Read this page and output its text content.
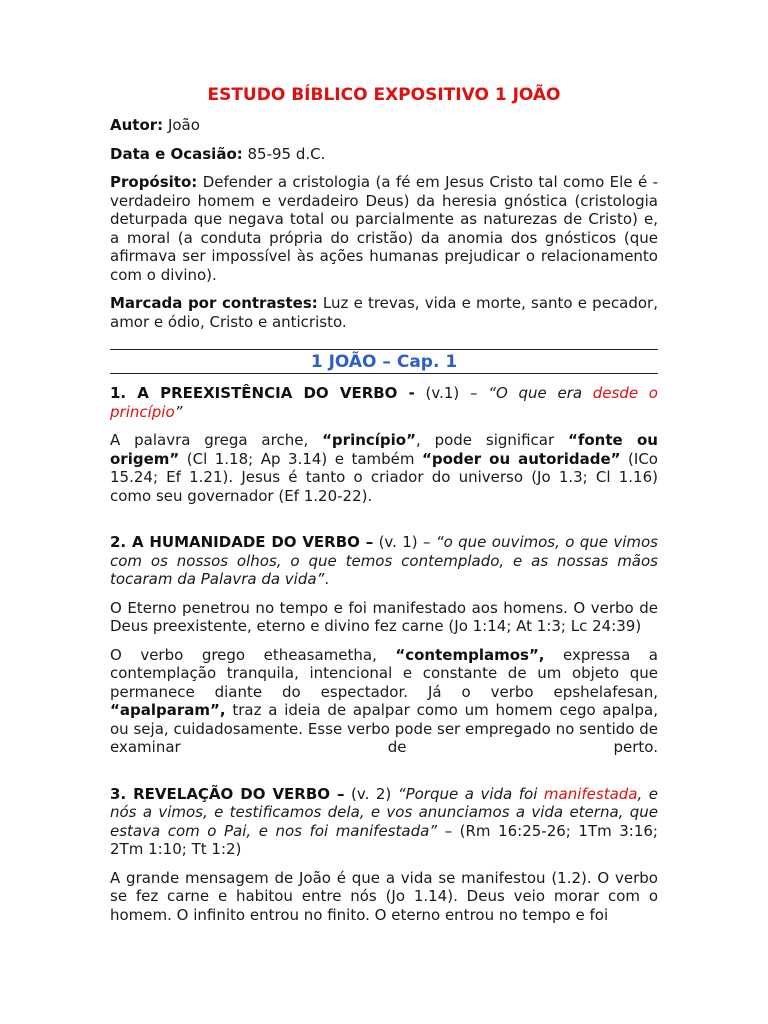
ESTUDO BÍBLICO EXPOSITIVO 1 JOÃO

Autor: João

Data e Ocasião: 85-95 d.C.

Propósito: Defender a cristologia (a fé em Jesus Cristo tal como Ele é - verdadeiro homem e verdadeiro Deus) da heresia gnóstica (cristologia deturpada que negava total ou parcialmente as naturezas de Cristo) e, a moral (a conduta própria do cristão) da anomia dos gnósticos (que afirmava ser impossível às ações humanas prejudicar o relacionamento com o divino).

Marcada por contrastes: Luz e trevas, vida e morte, santo e pecador, amor e ódio, Cristo e anticristo.

1 JOÃO – Cap. 1

1. A PREEXISTÊNCIA DO VERBO - (v.1) – “O que era desde o princípio”

A palavra grega arche, “princípio”, pode significar “fonte ou origem” (Cl 1.18; Ap 3.14) e também “poder ou autoridade” (ICo 15.24; Ef 1.21). Jesus é tanto o criador do universo (Jo 1.3; Cl 1.16) como seu governador (Ef 1.20-22).

2. A HUMANIDADE DO VERBO – (v. 1) – “o que ouvimos, o que vimos com os nossos olhos, o que temos contemplado, e as nossas mãos tocaram da Palavra da vida”.

O Eterno penetrou no tempo e foi manifestado aos homens. O verbo de Deus preexistente, eterno e divino fez carne (Jo 1:14; At 1:3; Lc 24:39)

O verbo grego etheasametha, “contemplamos”, expressa a contemplação tranquila, intencional e constante de um objeto que permanece diante do espectador. Já o verbo epshelafesan, “apalparam”, traz a ideia de apalpar como um homem cego apalpa, ou seja, cuidadosamente. Esse verbo pode ser empregado no sentido de examinar de perto.

3. REVELAÇÃO DO VERBO – (v. 2) “Porque a vida foi manifestada, e nós a vimos, e testificamos dela, e vos anunciamos a vida eterna, que estava com o Pai, e nos foi manifestada” – (Rm 16:25-26; 1Tm 3:16; 2Tm 1:10; Tt 1:2)

A grande mensagem de João é que a vida se manifestou (1.2). O verbo se fez carne e habitou entre nós (Jo 1.14). Deus veio morar com o homem. O infinito entrou no finito. O eterno entrou no tempo e foi
